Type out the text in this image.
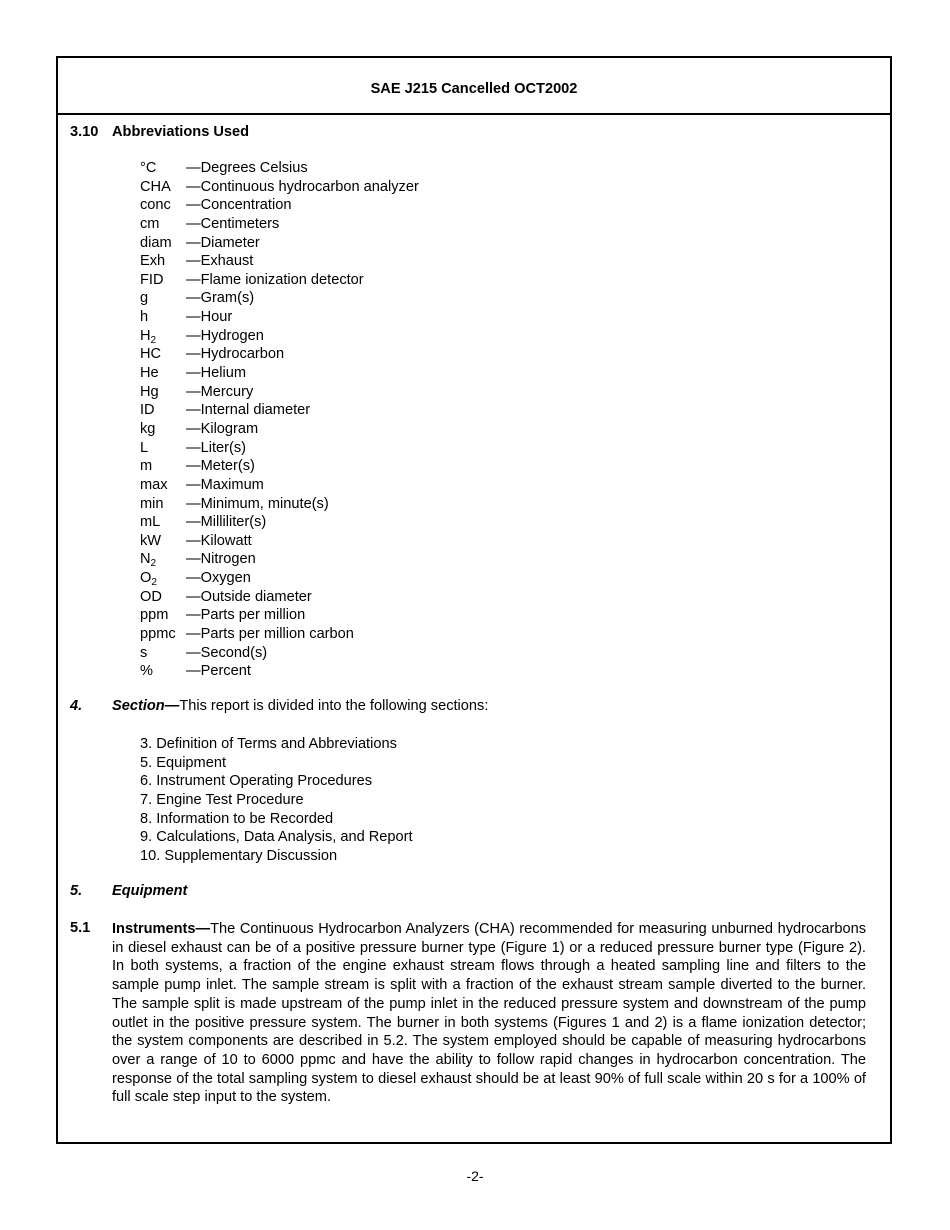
SAE J215 Cancelled OCT2002
3.10 Abbreviations Used
°C —Degrees Celsius
CHA —Continuous hydrocarbon analyzer
conc —Concentration
cm —Centimeters
diam —Diameter
Exh —Exhaust
FID —Flame ionization detector
g	—Gram(s)
h	—Hour
$H_2$ —Hydrogen
HC —Hydrocarbon
He —Helium
Hg —Mercury
ID —Internal diameter
kg —Kilogram
L	—Liter(s)
m —Meter(s)
max —Maximum
min —Minimum, minute(s)
mL —Milliliter(s)
kW —Kilowatt
$N_2$ —Nitrogen
$O_2$ —Oxygen
OD —Outside diameter
ppm —Parts per million
ppmc —Parts per million carbon
s	—Second(s)
% —Percent
4. Section—This report is divided into the following sections:
3. Definition of Terms and Abbreviations
5. Equipment
6. Instrument Operating Procedures
7. Engine Test Procedure
8. Information to be Recorded
9. Calculations, Data Analysis, and Report
10. Supplementary Discussion
5. Equipment
5.1 Instruments—The Continuous Hydrocarbon Analyzers (CHA) recommended for measuring unburned hydrocarbons in diesel exhaust can be of a positive pressure burner type (Figure 1) or a reduced pressure burner type (Figure 2). In both systems, a fraction of the engine exhaust stream flows through a heated sampling line and filters to the sample pump inlet. The sample stream is split with a fraction of the exhaust stream sample diverted to the burner. The sample split is made upstream of the pump inlet in the reduced pressure system and downstream of the pump outlet in the positive pressure system. The burner in both systems (Figures 1 and 2) is a flame ionization detector; the system components are described in 5.2. The system employed should be capable of measuring hydrocarbons over a range of 10 to 6000 ppmc and have the ability to follow rapid changes in hydrocarbon concentration. The response of the total sampling system to diesel exhaust should be at least 90% of full scale within 20 s for a 100% of full scale step input to the system.
-2-
